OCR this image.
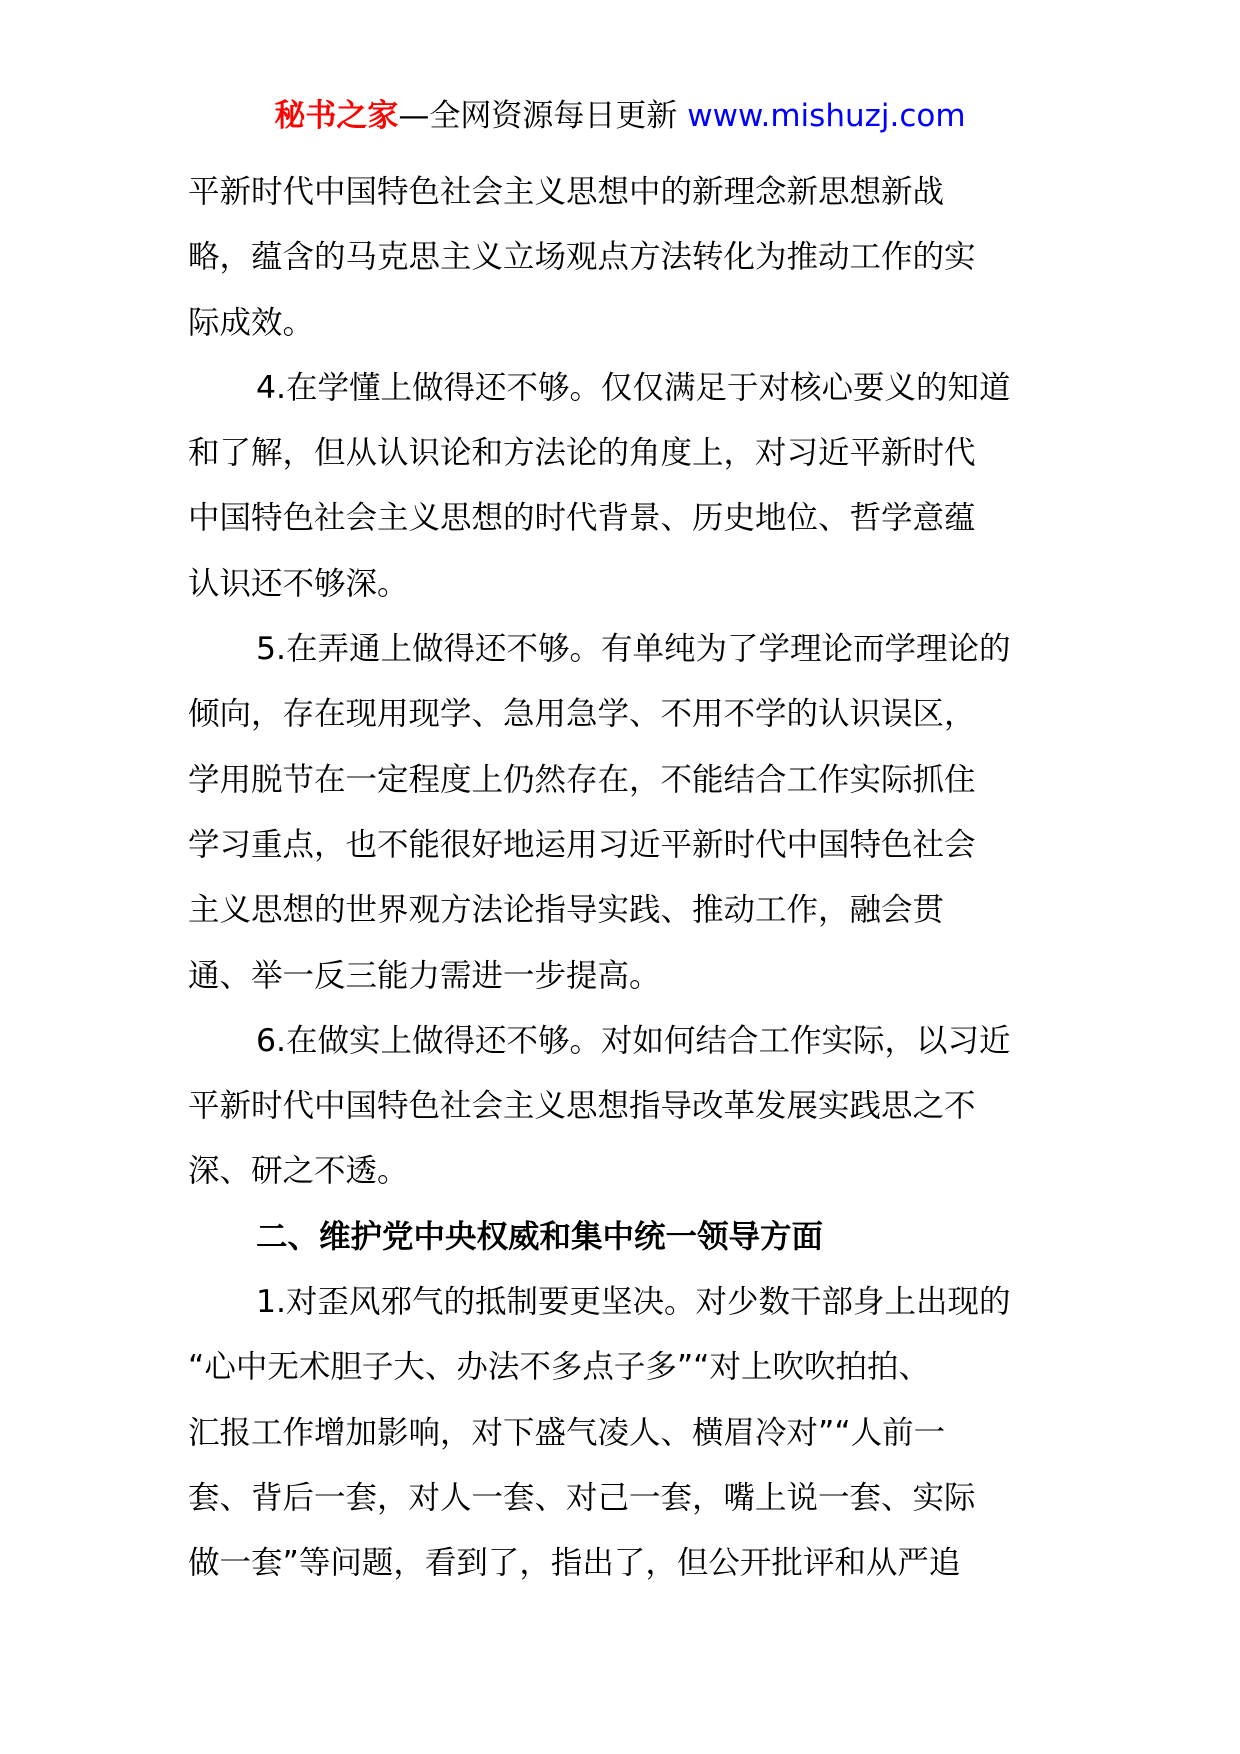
秘书之家—全网资源每日更新 www.mishuzj.com
平新时代中国特色社会主义思想中的新理念新思想新战
略，蕴含的马克思主义立场观点方法转化为推动工作的实
际成效。
4.在学懂上做得还不够。仅仅满足于对核心要义的知道
和了解，但从认识论和方法论的角度上，对习近平新时代
中国特色社会主义思想的时代背景、历史地位、哲学意蕴
认识还不够深。
5.在弄通上做得还不够。有单纯为了学理论而学理论的
倾向，存在现用现学、急用急学、不用不学的认识误区，
学用脱节在一定程度上仍然存在，不能结合工作实际抓住
学习重点，也不能很好地运用习近平新时代中国特色社会
主义思想的世界观方法论指导实践、推动工作，融会贯
通、举一反三能力需进一步提高。
6.在做实上做得还不够。对如何结合工作实际，以习近
平新时代中国特色社会主义思想指导改革发展实践思之不
深、研之不透。
二、维护党中央权威和集中统一领导方面
1.对歪风邪气的抵制要更坚决。对少数干部身上出现的
“心中无术胆子大、办法不多点子多”“对上吹吹拍拍、
汇报工作增加影响，对下盛气凌人、横眉冷对”“人前一
套、背后一套，对人一套、对己一套，嘴上说一套、实际
做一套”等问题，看到了，指出了，但公开批评和从严追
